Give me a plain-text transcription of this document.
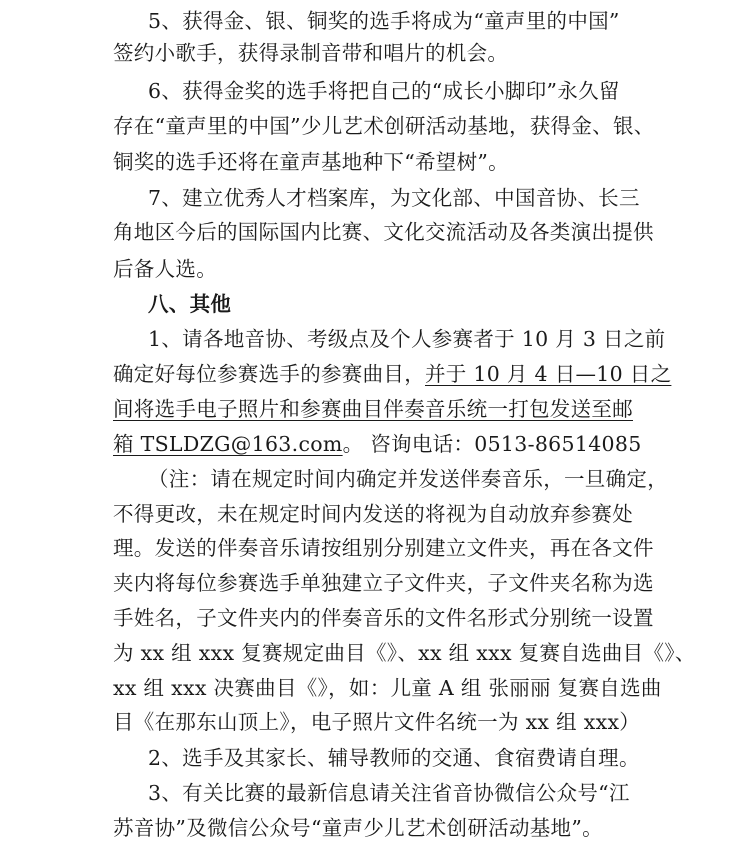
5、获得金、银、铜奖的选手将成为“童声里的中国”
签约小歌手，获得录制音带和唱片的机会。
6、获得金奖的选手将把自己的“成长小脚印”永久留
存在“童声里的中国”少儿艺术创研活动基地，获得金、银、
铜奖的选手还将在童声基地种下“希望树”。
7、建立优秀人才档案库，为文化部、中国音协、长三
角地区今后的国际国内比赛、文化交流活动及各类演出提供
后备人选。
八、其他
1、请各地音协、考级点及个人参赛者于 10 月 3 日之前
确定好每位参赛选手的参赛曲目，并于 10 月 4 日—10 日之
间将选手电子照片和参赛曲目伴奏音乐统一打包发送至邮
箱 TSLDZG@163.com。 咨询电话：0513-86514085
（注：请在规定时间内确定并发送伴奏音乐，一旦确定，
不得更改，未在规定时间内发送的将视为自动放弃参赛处
理。发送的伴奏音乐请按组别分别建立文件夹，再在各文件
夹内将每位参赛选手单独建立子文件夹，子文件夹名称为选
手姓名，子文件夹内的伴奏音乐的文件名形式分别统一设置
为 xx 组 xxx 复赛规定曲目《》、xx 组 xxx 复赛自选曲目《》、
xx 组 xxx 决赛曲目《》，如：儿童 A 组 张丽丽 复赛自选曲
目《在那东山顶上》，电子照片文件名统一为 xx 组 xxx）
2、选手及其家长、辅导教师的交通、食宿费请自理。
3、有关比赛的最新信息请关注省音协微信公众号“江
苏音协”及微信公众号“童声少儿艺术创研活动基地”。
